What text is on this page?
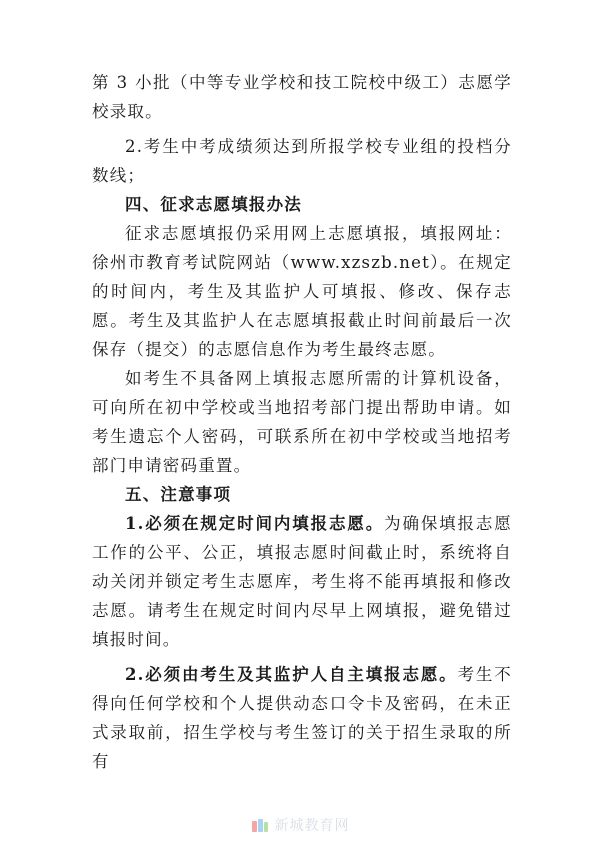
第 3 小批（中等专业学校和技工院校中级工）志愿学校录取。

2.考生中考成绩须达到所报学校专业组的投档分数线；

四、征求志愿填报办法

征求志愿填报仍采用网上志愿填报，填报网址：徐州市教育考试院网站（www.xzszb.net）。在规定的时间内，考生及其监护人可填报、修改、保存志愿。考生及其监护人在志愿填报截止时间前最后一次保存（提交）的志愿信息作为考生最终志愿。

如考生不具备网上填报志愿所需的计算机设备，可向所在初中学校或当地招考部门提出帮助申请。如考生遗忘个人密码，可联系所在初中学校或当地招考部门申请密码重置。

五、注意事项

1.必须在规定时间内填报志愿。为确保填报志愿工作的公平、公正，填报志愿时间截止时，系统将自动关闭并锁定考生志愿库，考生将不能再填报和修改志愿。请考生在规定时间内尽早上网填报，避免错过填报时间。

2.必须由考生及其监护人自主填报志愿。考生不得向任何学校和个人提供动态口令卡及密码，在未正式录取前，招生学校与考生签订的关于招生录取的所有

新城教育网
